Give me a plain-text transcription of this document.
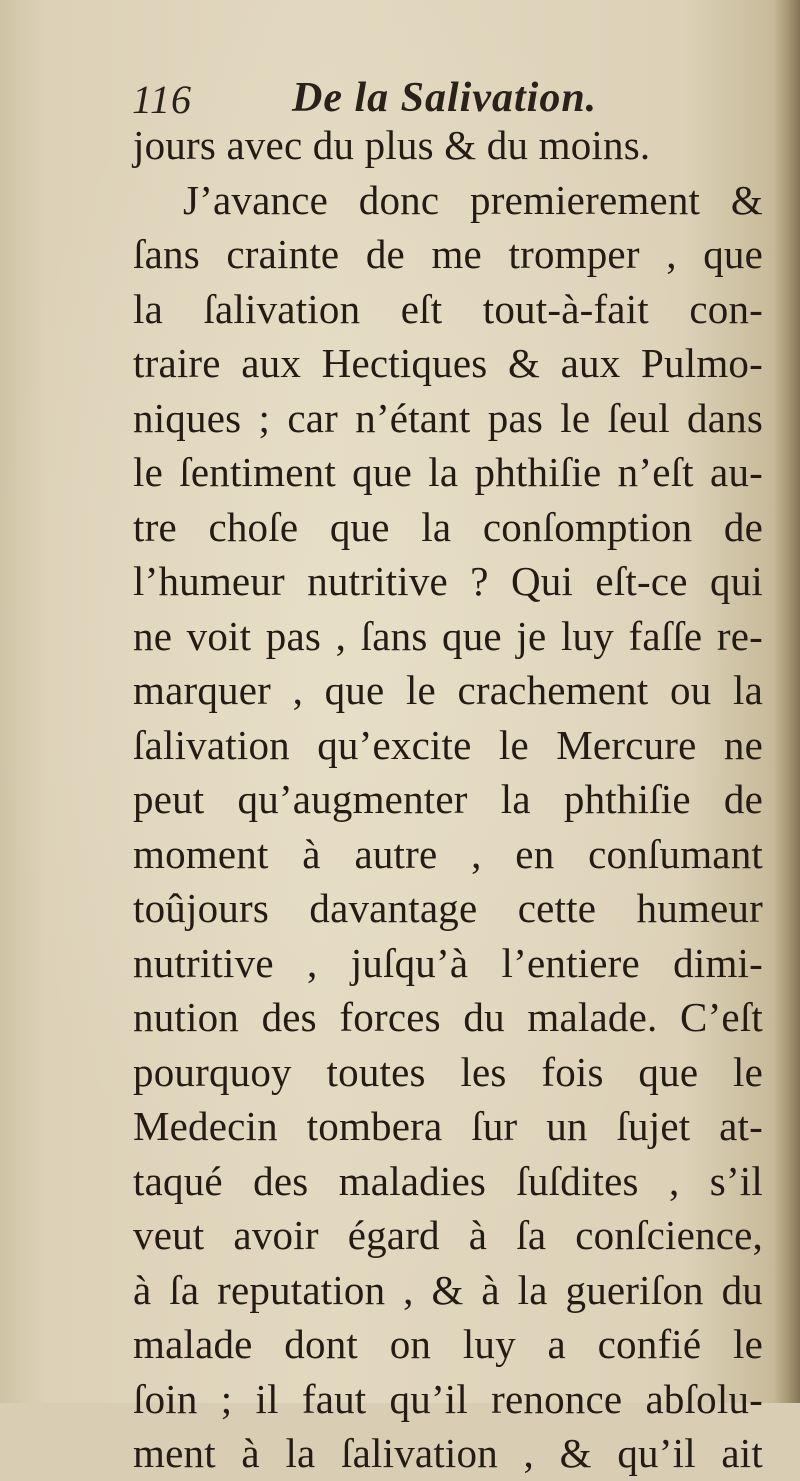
116 De la Salivation.
jours avec du plus & du moins.
J’avance donc premierement &
ſans crainte de me tromper , que
la ſalivation eſt tout-à-fait con-
traire aux Hectiques & aux Pulmo-
niques ; car n’étant pas le ſeul dans
le ſentiment que la phthiſie n’eſt au-
tre choſe que la conſomption de
l’humeur nutritive ? Qui eſt-ce qui
ne voit pas , ſans que je luy faſſe re-
marquer , que le crachement ou la
ſalivation qu’excite le Mercure ne
peut qu’augmenter la phthiſie de
moment à autre , en conſumant
toûjours davantage cette humeur
nutritive , juſqu’à l’entiere dimi-
nution des forces du malade. C’eſt
pourquoy toutes les fois que le
Medecin tombera ſur un ſujet at-
taqué des maladies ſuſdites , s’il
veut avoir égard à ſa conſcience,
à ſa reputation , & à la gueriſon du
malade dont on luy a confié le
ſoin ; il faut qu’il renonce abſolu-
ment à la ſalivation , & qu’il ait
